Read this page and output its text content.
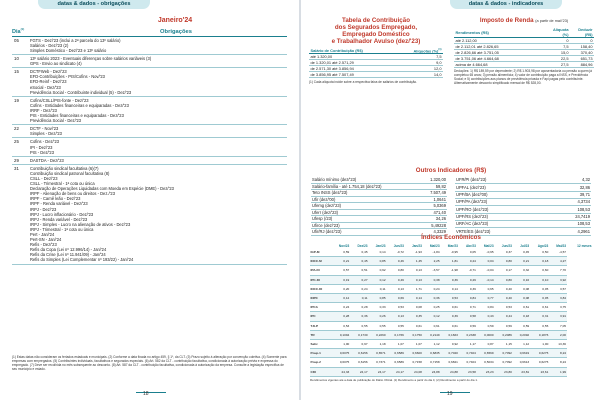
datas & dados - obrigações
Janeiro'24
Dia$^{(1)}$	Obrigações
05	FGTS - Dez/'23 (inclui a 2ª parcela do 13º salário)
Salários - Dez/'23 (2)
Simples Doméstico - Dez/'23 e 13º salário
10	13º salário 2023 - Eventuais diferenças sobre salários variáveis (3)
GPS - Envio ao sindicato (4)
15	DCTFWeb - Dez/'23
EFD-Contribuições - PIS/Cofins - Nov/'23
EFD-Reinf - Dez/'23
eSocial - Dez/'23
Previdência Social - Contribuinte individual (5) - Dez/'23
19	Cofins/CSLL/PIS-fonte - Dez/'23
Cofins - Entidades financeiras e equiparadas - Dez/'23
IRRF - Dez/'23
PIS - Entidades financeiras e equiparadas - Dez/'23
Previdência Social - Dez/'23
22	DCTF - Nov/'23
Simples - Dez/'23
25	Cofins - Dez/'23
IPI - Dez/'23
PIS - Dez/'23
29	DASTDA - Dez/'23
31	Contribuição sindical facultativa (6)(7)
Contribuição sindical patronal facultativa (8)
CSLL - Dez/'23
CSLL - Trimestral - 1ª cota ou única
Declaração de Operações Liquidadas com Moeda em Espécie (DME) - Dez/'23
IRPF - Alienação de bens ou direitos - Dez./'23
IRPF - Carnê leão - Dez/'23
IRPF - Renda variável - Dez/'23
IRPJ - Dez/'23
IRPJ - Lucro inflacionário - Dez/'23
IRPJ - Renda variável - Dez/'23
IRPJ - Simples - Lucro na alienação de ativos - Dez/'23
IRPJ - Trimestral - 1ª cota ou única
Pert - Jan/'24
Pert-SN - Jan/'24
Refis - Dez/'23
Refis da Copa (Lei nº 12.996/14) - Jan/'24
Refis da Crise (Lei nº 11.941/09) - Jan/'24
Refis do Simples (Lei Complementar nº 193/22) - Jan/'24
(1) Estas datas não consideram os feriados estaduais e municipais. (2) Conforme a data fixada no artigo 459, § 1º, da CLT. (3) Prazo sujeito à alteração por convenção coletiva. (4) Somente para empresas com empregados. (5) Contribuintes individuais, facultativos e segurados especiais. (6) Art. 582 da CLT - contribuição facultativa, condicionada à autorização prévia e expressa do empregado. (7) Deve ser recolhida no mês subsequente ao desconto. (8) Art. 587 da CLT - contribuição facultativa, condicionada à autorização da empresa. Consulte a legislação específica de seu município e estado.
18
datas & dados - indicadores
Tabela de Contribuição
dos Segurados Empregado,
Empregado Doméstico
e Trabalhador Avulso (dez/'23)
Salário de Contribuição (R$)	Alíquotas (%)$^{(1)}$
até 1.320,00	7,5
de 1.320,01 até 2.571,29	9,0
de 2.571,30 até 3.856,94	12,0
de 3.856,95 até 7.507,49	14,0
(1) Cada alíquota incide sobre a respectiva faixa de salários de contribuição.
Imposto de Renda (a partir de mai/'23)
Rendimentos (R$)	Alíquota (%)	Deduzir (R$)
até 2.112,00	0	0
de 2.112,01 até 2.826,65	7,5	158,40
de 2.826,66 até 3.751,05	15,0	370,40
de 3.751,06 até 4.664,68	22,5	651,73
acima de 4.664,68	27,5	884,96
Deduções: 1) R$ 189,59 por dependente; 2) R$ 1.903,98 por aposentadoria ou pensão a quem já completou 65 anos; 3) pensão alimentícia; 4) valor de contribuição paga a INSS, e Previdência Social; e 5) contribuições aos planos de previdência privada e Fapi pagas pelo contribuinte. Alternativamente desconto simplificado mensal de R$ 528,00.
Outros Indicadores (R$)
Salário mínimo (dez/'23)	1.320,00
Salário-família - até 1.754,18 (dez/'23)	59,82
Teto INSS (dez/'23)	7.507,49
Ufir (dez/'00)	1,0641
Ufemg (dez/'23)	5,0369
Uferr (dez/'23)	471,40
Ufesp (/23)	34,26
Ufirce (dez/'23)	5,49228
Ufir/RJ (dez/'23)	4,3329
UFR/PI (dez/'23)	4,32
UPFAL (dez/'23)	32,86
UPF/BA (dez/'00)	39,71
UPF/PA (dez/'23)	4,3734
UPF/RO (dez/'23)	108,53
UPF/RS (dez/'23)	24,7419
URF/AC (dez/'23)	108,53
VRTE/ES (dez/'23)	4,2961
Índices Econômicos
	Nov/23	Dez/23	Jan/23	Jun/23	Jan/23	Mai/23	Mar/23	Abr/23	Mai/23	Jun/23	Jul/23	Ago/23	Mai/23	12 meses
IGP-M	0,59	0,45	0,14	-0,72	-1,93	-1,84	-0,95	0,05	-0,95	0,37	0,45	0,50	-4,57	
INCC-M	0,21	0,45	0,85	0,46	1,45	2,25	1,81	0,24	0,04	0,80	0,21	0,18	4,27	
IPA-DI	0,57	0,51	0,92	0,80	0,13	-3,57	-1,98	-0,71	-0,04	0,17	0,32	0,60	7,70	
IPC-DI	0,19	0,27	0,12	0,49	0,13	0,38	0,36	0,29	-0,14	0,80	0,16	0,10	3,92	
INCC-DI	0,20	0,24	0,11	0,13	1,71	0,24	0,14	0,39	0,65	0,40	0,08	0,05	3,57	
INPC	0,12	0,11	0,85	0,69	0,14	0,36	0,53	0,84	0,77	0,40	0,08	0,05	3,84	
IPCA	0,24	0,28	0,33	0,53	0,08	0,25	0,61	0,71	0,84	0,53	0,61	0,61	3,75	
IPC	0,28	0,36	0,26	0,13	0,35	0,12	0,39	0,58	0,43	0,44	0,18	0,31	3,91	
TJLP	0,53	0,55	0,55	0,55	0,61	0,61	0,61	0,59	0,59	0,59	0,59	0,55	7,05	
TR	0,1094	0,1730	0,2260	0,1766	0,1750	0,2149	0,1663	0,2338	0,0000	0,2086	0,2092	0,1876	2,00	
Selic	1,00	0,97	1,18	1,07	1,07	1,12	0,92	1,17	0,87	1,15	1,12	1,00	13,36	
Poup.1	0,6075	0,6156	0,6571	0,6589	0,6600	0,6835	0,7020	0,7404	0,6569	0,7092	0,6619	0,6275	8,24	
Poup.2	0,6075	0,6156	0,7371	0,6589	0,7158	0,7158	0,6821	0,7404	0,5034	0,7092	0,6613	0,6275	8,24	
CDI	24,33	24,17	24,17	24,17	24,08	24,88	24,88	23,58	23,23	23,80	23,81	23,61	1,99	
Rendimentos vigentes até a data de publicação do Diário Oficial. (1) Rendimento a partir do dia 4; (2) Rendimento a partir do dia 1.
19
